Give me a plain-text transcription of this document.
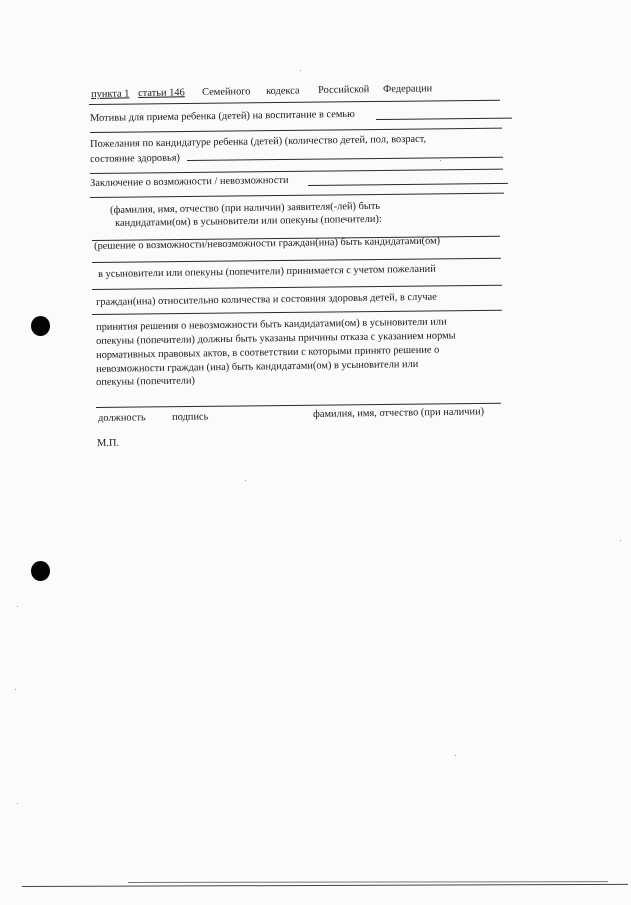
пункта 1 статьи 146 Семейного кодекса Российской Федерации
Мотивы для приема ребенка (детей) на воспитание в семью
Пожелания по кандидатуре ребенка (детей) (количество детей, пол, возраст,
состояние здоровья)
Заключение о возможности / невозможности
(фамилия, имя, отчество (при наличии) заявителя(-лей) быть
кандидатами(ом) в усыновители или опекуны (попечители):
(решение о возможности/невозможности граждан(ина) быть кандидатами(ом)
в усыновители или опекуны (попечители) принимается с учетом пожеланий
граждан(ина) относительно количества и состояния здоровья детей, в случае
принятия решения о невозможности быть кандидатами(ом) в усыновители или
опекуны (попечители) должны быть указаны причины отказа с указанием нормы
нормативных правовых актов, в соответствии с которыми принято решение о
невозможности граждан (ина) быть кандидатами(ом) в усыновители или
опекуны (попечители)
должность	подпись	фамилия, имя, отчество (при наличии)
М.П.
